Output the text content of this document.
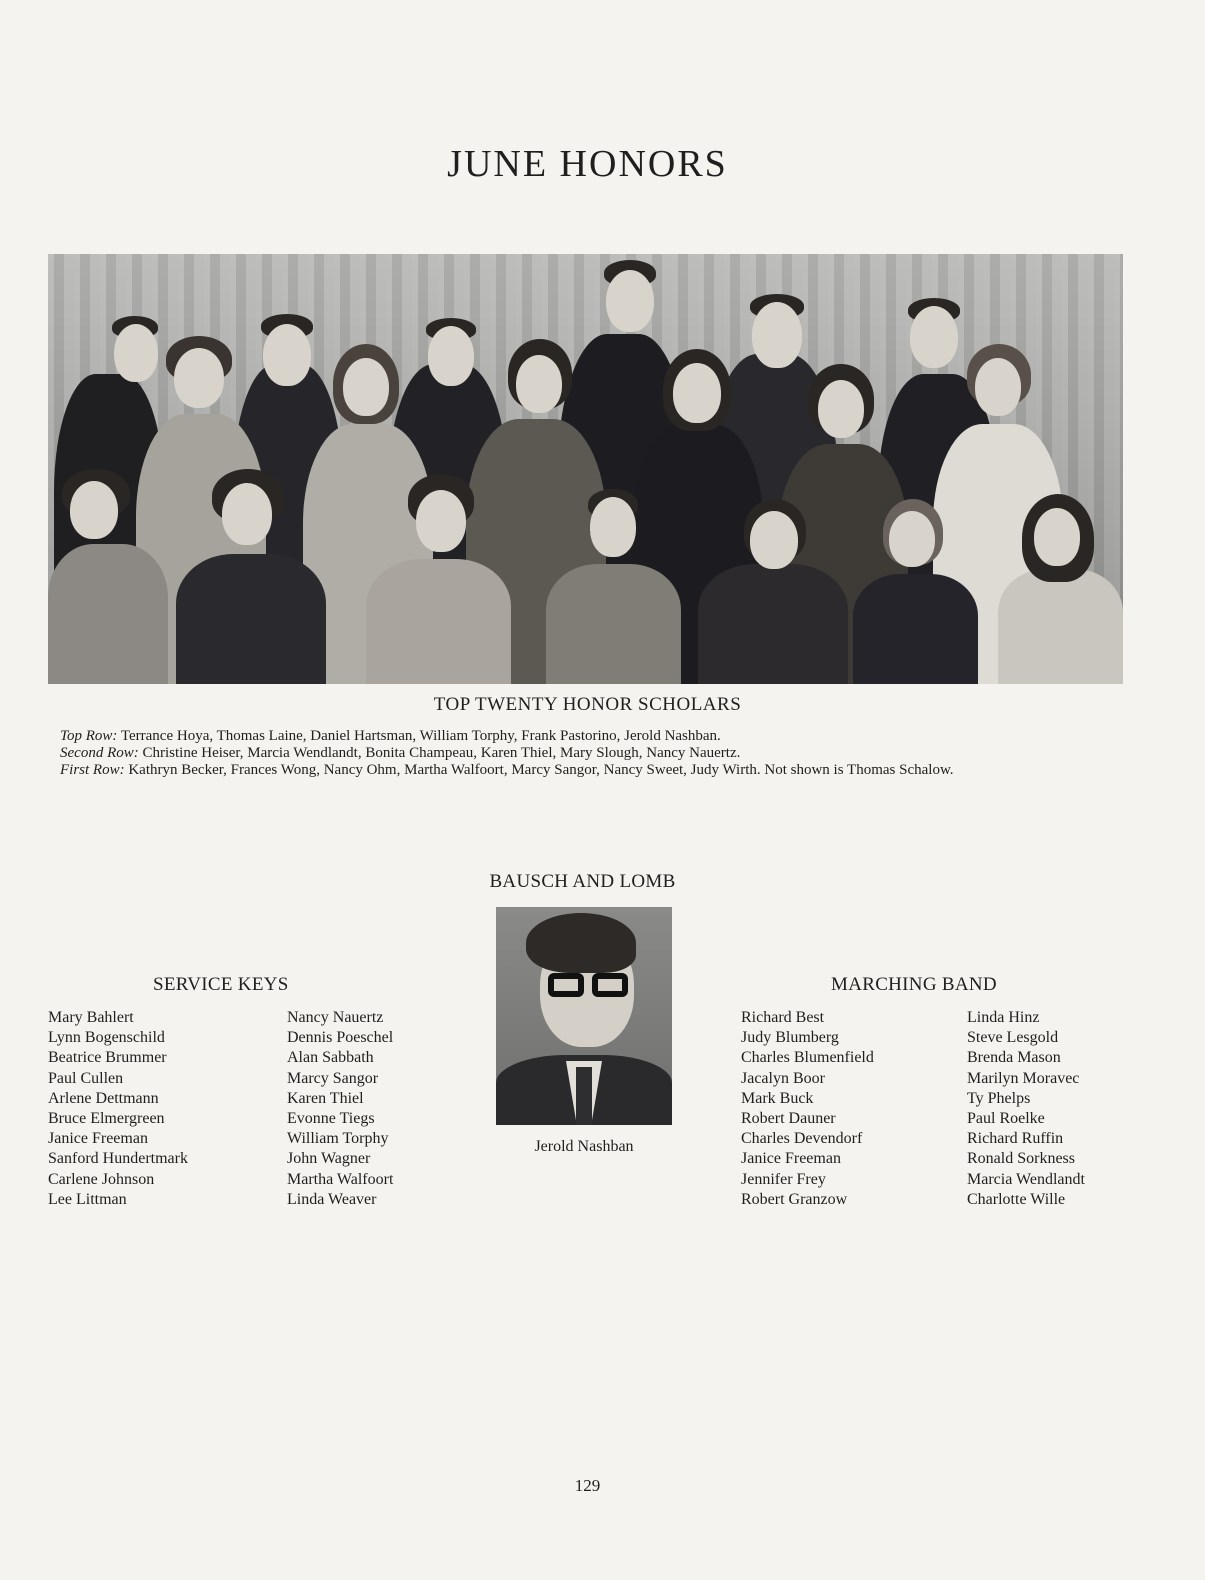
JUNE HONORS

TOP TWENTY HONOR SCHOLARS

Top Row: Terrance Hoya, Thomas Laine, Daniel Hartsman, William Torphy, Frank Pastorino, Jerold Nashban.

Second Row: Christine Heiser, Marcia Wendlandt, Bonita Champeau, Karen Thiel, Mary Slough, Nancy Nauertz.

First Row: Kathryn Becker, Frances Wong, Nancy Ohm, Martha Walfoort, Marcy Sangor, Nancy Sweet, Judy Wirth. Not shown is Thomas Schalow.

BAUSCH AND LOMB

Jerold Nashban

SERVICE KEYS
Mary Bahlert
Lynn Bogenschild
Beatrice Brummer
Paul Cullen
Arlene Dettmann
Bruce Elmergreen
Janice Freeman
Sanford Hundertmark
Carlene Johnson
Lee Littman
Nancy Nauertz
Dennis Poeschel
Alan Sabbath
Marcy Sangor
Karen Thiel
Evonne Tiegs
William Torphy
John Wagner
Martha Walfoort
Linda Weaver
MARCHING BAND
Richard Best
Judy Blumberg
Charles Blumenfield
Jacalyn Boor
Mark Buck
Robert Dauner
Charles Devendorf
Janice Freeman
Jennifer Frey
Robert Granzow
Linda Hinz
Steve Lesgold
Brenda Mason
Marilyn Moravec
Ty Phelps
Paul Roelke
Richard Ruffin
Ronald Sorkness
Marcia Wendlandt
Charlotte Wille

129
